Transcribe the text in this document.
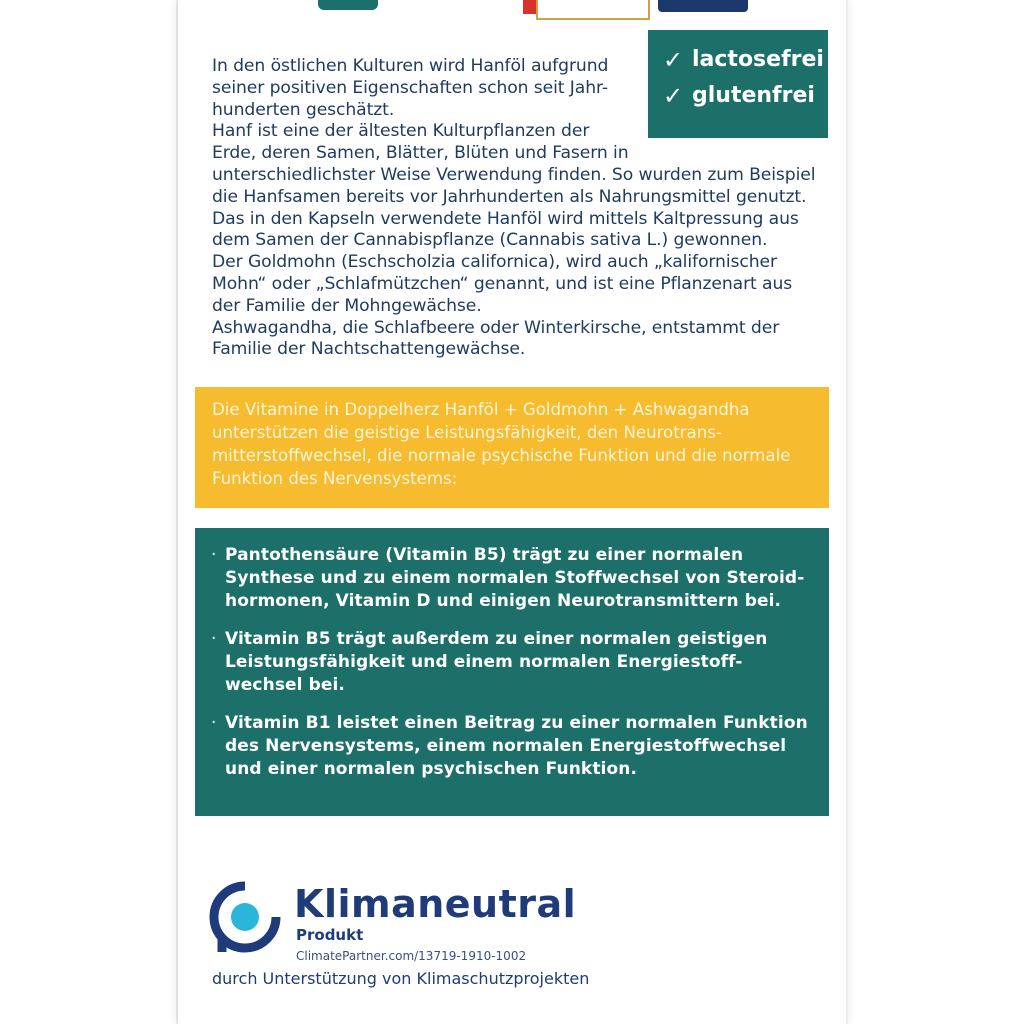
In den östlichen Kulturen wird Hanföl aufgrund
seiner positiven Eigenschaften schon seit Jahr-
hunderten geschätzt.
Hanf ist eine der ältesten Kulturpflanzen der
Erde, deren Samen, Blätter, Blüten und Fasern in
unterschiedlichster Weise Verwendung finden. So wurden zum Beispiel
die Hanfsamen bereits vor Jahrhunderten als Nahrungsmittel genutzt.
Das in den Kapseln verwendete Hanföl wird mittels Kaltpressung aus
dem Samen der Cannabispflanze (Cannabis sativa L.) gewonnen.
Der Goldmohn (Eschscholzia californica), wird auch „kalifornischer
Mohn“ oder „Schlafmützchen“ genannt, und ist eine Pflanzenart aus
der Familie der Mohngewächse.
Ashwagandha, die Schlafbeere oder Winterkirsche, entstammt der
Familie der Nachtschattengewächse.
✓ lactosefrei
✓ glutenfrei
Die Vitamine in Doppelherz Hanföl + Goldmohn + Ashwagandha
unterstützen die geistige Leistungsfähigkeit, den Neurotrans-
mitterstoffwechsel, die normale psychische Funktion und die normale
Funktion des Nervensystems:
· Pantothensäure (Vitamin B5) trägt zu einer normalen
Synthese und zu einem normalen Stoffwechsel von Steroid-
hormonen, Vitamin D und einigen Neurotransmittern bei.
· Vitamin B5 trägt außerdem zu einer normalen geistigen
Leistungsfähigkeit und einem normalen Energiestoff-
wechsel bei.
· Vitamin B1 leistet einen Beitrag zu einer normalen Funktion
des Nervensystems, einem normalen Energiestoffwechsel
und einer normalen psychischen Funktion.
Klimaneutral
Produkt
ClimatePartner.com/13719-1910-1002
durch Unterstützung von Klimaschutzprojekten
